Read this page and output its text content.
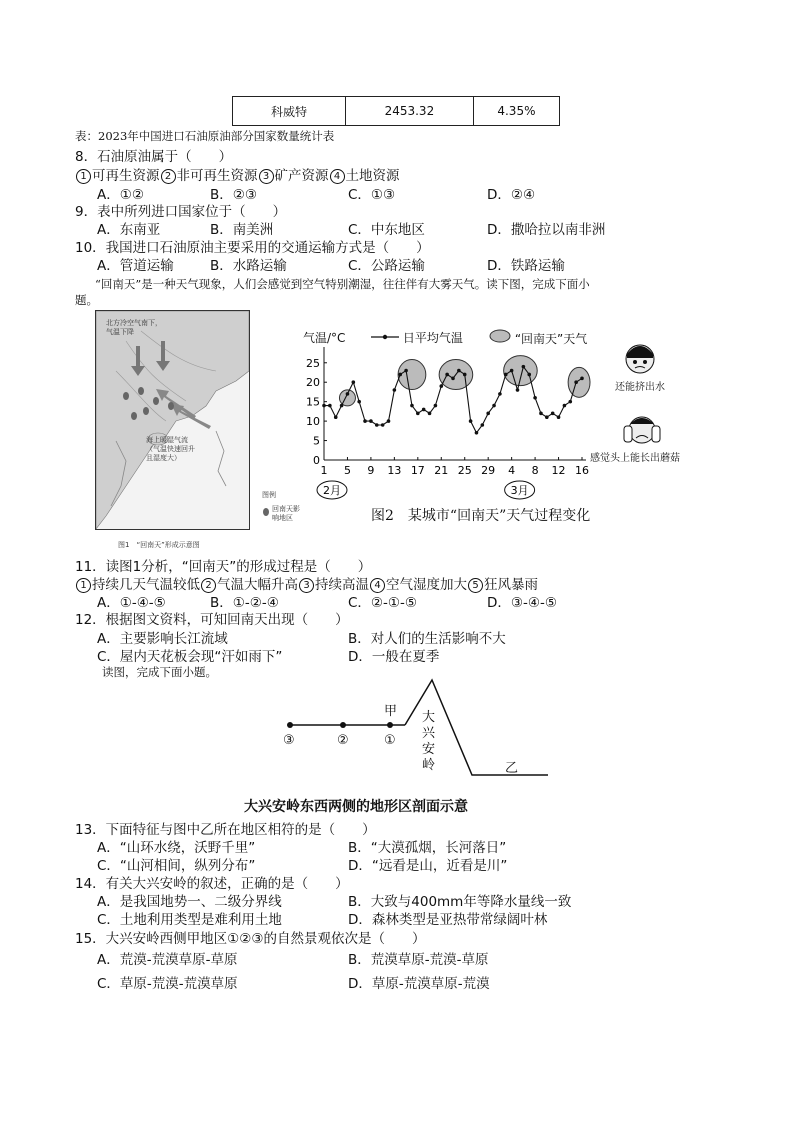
科威特	2453.32	4.35%
表：2023年中国进口石油原油部分国家数量统计表
8．石油原油属于（　　）
1 可再生资源 2 非可再生资源 3 矿产资源 4 土地资源
A．①②	B．②③	C．①③	D．②④
9．表中所列进口国家位于（　　）
A．东南亚	B．南美洲	C．中东地区	D．撒哈拉以南非洲
10．我国进口石油原油主要采用的交通运输方式是（　　）
A．管道运输	B．水路运输	C．公路运输	D．铁路运输
“回南天”是一种天气现象，人们会感觉到空气特别潮湿，往往伴有大雾天气。读下图，完成下面小
题。
北方冷空气南下，气温下降
海上暖湿气流（气温快速回升且湿度大）
图例
回南天影响地区
图1　“回南天”形成示意图
0
5
10
15
20
25
1 5 9 13 17 21 25 29 4 8 12 16
2月	3月
气温/°C	日平均气温	“回南天”天气
图2　某城市“回南天”天气过程变化
还能挤出水
感觉头上能长出蘑菇
11．读图1分析，“回南天”的形成过程是（　　）
1 持续几天气温较低 2 气温大幅升高 3 持续高温 4 空气湿度加大 5 狂风暴雨
A．①-④-⑤	B．①-②-④	C．②-①-⑤	D．③-④-⑤
12．根据图文资料，可知回南天出现（　　）
A．主要影响长江流域	B．对人们的生活影响不大
C．屋内天花板会现“汗如雨下”	D．一般在夏季
读图，完成下面小题。
甲 大兴安岭	乙
③	②	①
大兴安岭东西两侧的地形区剖面示意
13．下面特征与图中乙所在地区相符的是（　　）
A．“山环水绕，沃野千里”	B．“大漠孤烟，长河落日”
C．“山河相间，纵列分布”	D．“远看是山，近看是川”
14．有关大兴安岭的叙述，正确的是（　　）
A．是我国地势一、二级分界线	B．大致与400mm年等降水量线一致
C．土地利用类型是难利用土地	D．森林类型是亚热带常绿阔叶林
15．大兴安岭西侧甲地区①②③的自然景观依次是（　　）
A．荒漠-荒漠草原-草原	B．荒漠草原-荒漠-草原
C．草原-荒漠-荒漠草原	D．草原-荒漠草原-荒漠
